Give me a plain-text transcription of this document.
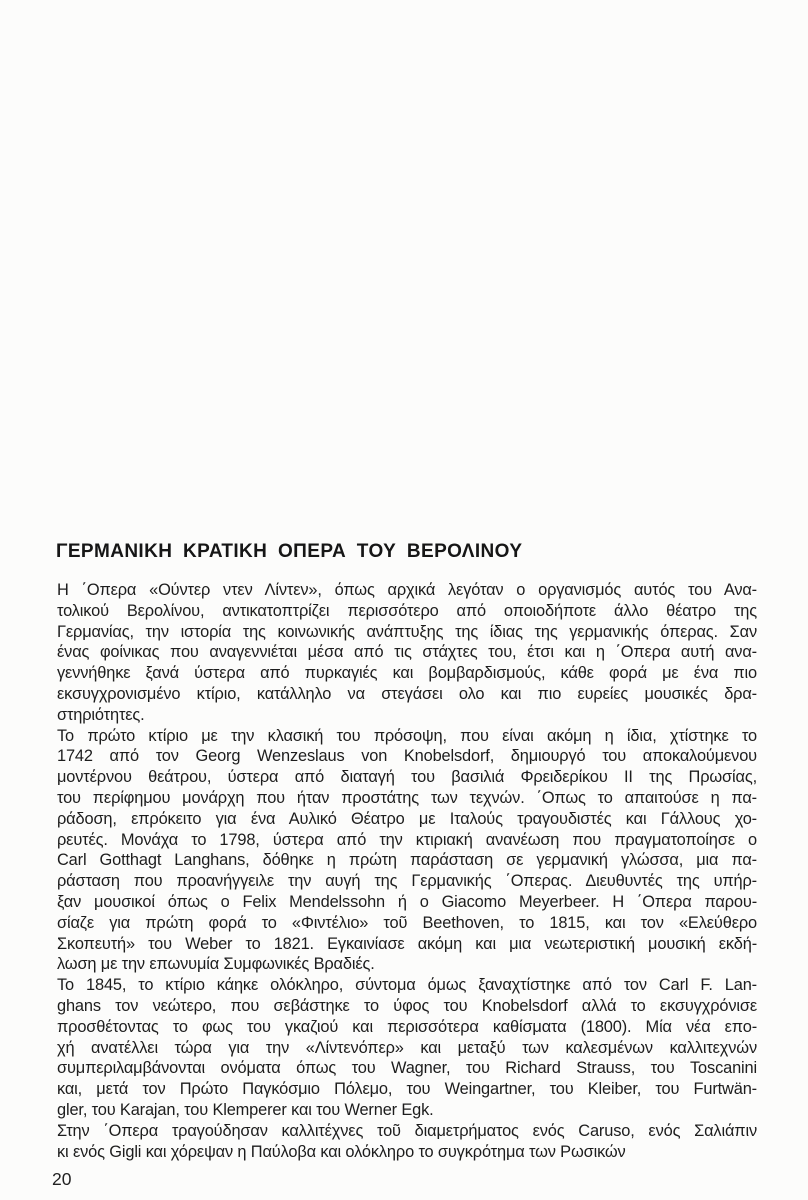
ΓΕΡΜΑΝΙΚΗ ΚΡΑΤΙΚΗ ΟΠΕΡΑ ΤΟΥ ΒΕΡΟΛΙΝΟΥ

Η ΄Οπερα «Ούντερ ντεν Λίντεν», όπως αρχικά λεγόταν ο οργανισμός αυτός του Ανα-
τολικού Βερολίνου, αντικατοπτρίζει περισσότερο από οποιοδήποτε άλλο θέατρο της
Γερμανίας, την ιστορία της κοινωνικής ανάπτυξης της ίδιας της γερμανικής όπερας. Σαν
ένας φοίνικας που αναγεννιέται μέσα από τις στάχτες του, έτσι και η ΄Οπερα αυτή ανα-
γεννήθηκε ξανά ύστερα από πυρκαγιές και βομβαρδισμούς, κάθε φορά με ένα πιο
εκσυγχρονισμένο κτίριο, κατάλληλο να στεγάσει ολο και πιο ευρείες μουσικές δρα-
στηριότητες.

Το πρώτο κτίριο με την κλασική του πρόσοψη, που είναι ακόμη η ίδια, χτίστηκε το
1742 από τον Georg Wenzeslaus von Knobelsdorf, δημιουργό του αποκαλούμενου
μοντέρνου θεάτρου, ύστερα από διαταγή του βασιλιά Φρειδερίκου ΙΙ της Πρωσίας,
του περίφημου μονάρχη που ήταν προστάτης των τεχνών. ΄Οπως το απαιτούσε η πα-
ράδοση, επρόκειτο για ένα Αυλικό Θέατρο με Ιταλούς τραγουδιστές και Γάλλους χο-
ρευτές. Μονάχα το 1798, ύστερα από την κτιριακή ανανέωση που πραγματοποίησε ο
Carl Gotthagt Langhans, δόθηκε η πρώτη παράσταση σε γερμανική γλώσσα, μια πα-
ράσταση που προανήγγειλε την αυγή της Γερμανικής ΄Οπερας. Διευθυντές της υπήρ-
ξαν μουσικοί όπως ο Felix Mendelssohn ή ο Giacomo Meyerbeer. Η ΄Οπερα παρου-
σίαζε για πρώτη φορά το «Φιντέλιο» τοῦ Beethoven, το 1815, και τον «Ελεύθερο
Σκοπευτή» του Weber το 1821. Εγκαινίασε ακόμη και μια νεωτεριστική μουσική εκδή-
λωση με την επωνυμία Συμφωνικές Βραδιές.

Το 1845, το κτίριο κάηκε ολόκληρο, σύντομα όμως ξαναχτίστηκε από τον Carl F. Lan-
ghans τον νεώτερο, που σεβάστηκε το ύφος του Knobelsdorf αλλά το εκσυγχρόνισε
προσθέτοντας το φως του γκαζιού και περισσότερα καθίσματα (1800). Μία νέα επο-
χή ανατέλλει τώρα για την «Λίντενόπερ» και μεταξύ των καλεσμένων καλλιτεχνών
συμπεριλαμβάνονται ονόματα όπως του Wagner, του Richard Strauss, του Toscanini
και, μετά τον Πρώτο Παγκόσμιο Πόλεμο, του Weingartner, του Kleiber, του Furtwän-
gler, του Karajan, του Klemperer και του Werner Egk.

Στην ΄Οπερα τραγούδησαν καλλιτέχνες τοῦ διαμετρήματος ενός Caruso, ενός Σαλιάπιν
κι ενός Gigli και χόρεψαν η Παύλοβα και ολόκληρο το συγκρότημα των Ρωσικών

20
